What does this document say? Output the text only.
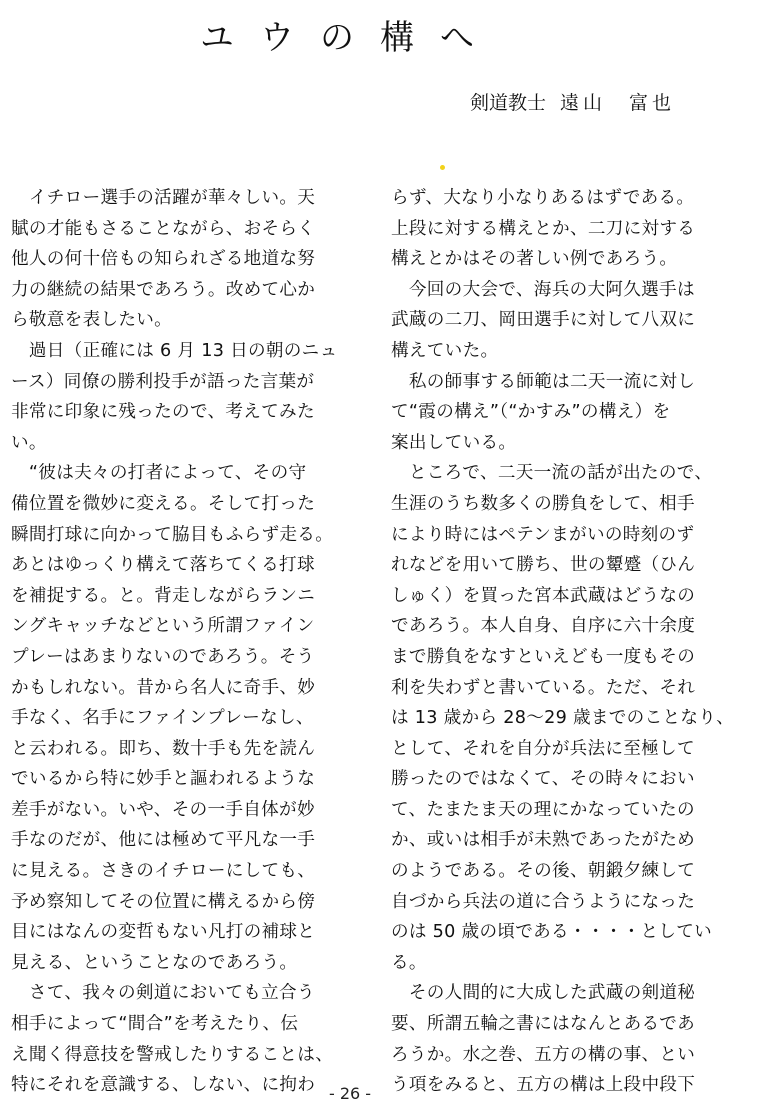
ユウの構へ
剣道教士 遠山　富也
　イチロー選手の活躍が華々しい。天
賦の才能もさることながら、おそらく
他人の何十倍もの知られざる地道な努
力の継続の結果であろう。改めて心か
ら敬意を表したい。
　過日（正確には 6 月 13 日の朝のニュ
ース）同僚の勝利投手が語った言葉が
非常に印象に残ったので、考えてみた
い。
　“彼は夫々の打者によって、その守
備位置を微妙に変える。そして打った
瞬間打球に向かって脇目もふらず走る。
あとはゆっくり構えて落ちてくる打球
を補捉する。と。背走しながらランニ
ングキャッチなどという所謂ファイン
プレーはあまりないのであろう。そう
かもしれない。昔から名人に奇手、妙
手なく、名手にファインプレーなし、
と云われる。即ち、数十手も先を読ん
でいるから特に妙手と謳われるような
差手がない。いや、その一手自体が妙
手なのだが、他には極めて平凡な一手
に見える。さきのイチローにしても、
予め察知してその位置に構えるから傍
目にはなんの変哲もない凡打の補球と
見える、ということなのであろう。
　さて、我々の剣道においても立合う
相手によって“間合”を考えたり、伝
え聞く得意技を警戒したりすることは、
特にそれを意識する、しない、に拘わ
らず、大なり小なりあるはずである。
上段に対する構えとか、二刀に対する
構えとかはその著しい例であろう。
　今回の大会で、海兵の大阿久選手は
武蔵の二刀、岡田選手に対して八双に
構えていた。
　私の師事する師範は二天一流に対し
て“霞の構え”（“かすみ”の構え）を
案出している。
　ところで、二天一流の話が出たので、
生涯のうち数多くの勝負をして、相手
により時にはペテンまがいの時刻のず
れなどを用いて勝ち、世の顰蹙（ひん
しゅく）を買った宮本武蔵はどうなの
であろう。本人自身、自序に六十余度
まで勝負をなすといえども一度もその
利を失わずと書いている。ただ、それ
は 13 歳から 28〜29 歳までのことなり、
として、それを自分が兵法に至極して
勝ったのではなくて、その時々におい
て、たまたま天の理にかなっていたの
か、或いは相手が未熟であったがため
のようである。その後、朝鍛夕練して
自づから兵法の道に合うようになった
のは 50 歳の頃である・・・・としてい
る。
　その人間的に大成した武蔵の剣道秘
要、所謂五輪之書にはなんとあるであ
ろうか。水之巻、五方の構の事、とい
う項をみると、五方の構は上段中段下
- 26 -
